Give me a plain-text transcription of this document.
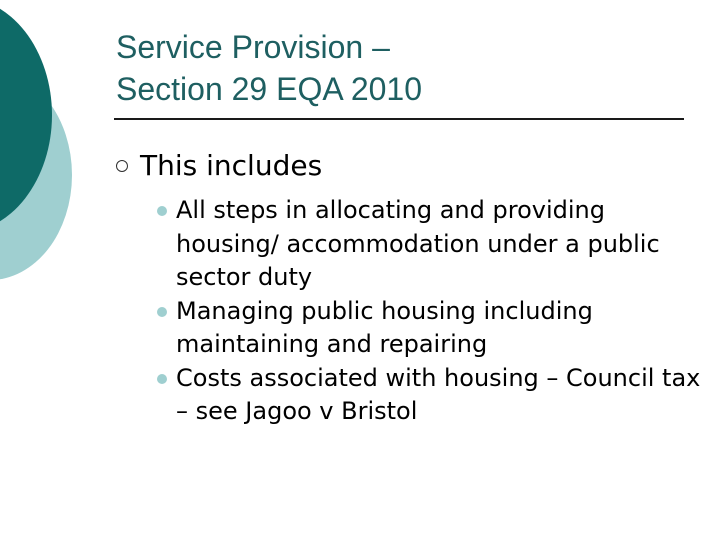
Service Provision –
Section 29 EQA 2010
This includes
All steps in allocating and providing housing/ accommodation under a public sector duty
Managing public housing including maintaining and repairing
Costs associated with housing – Council tax – see Jagoo v Bristol
